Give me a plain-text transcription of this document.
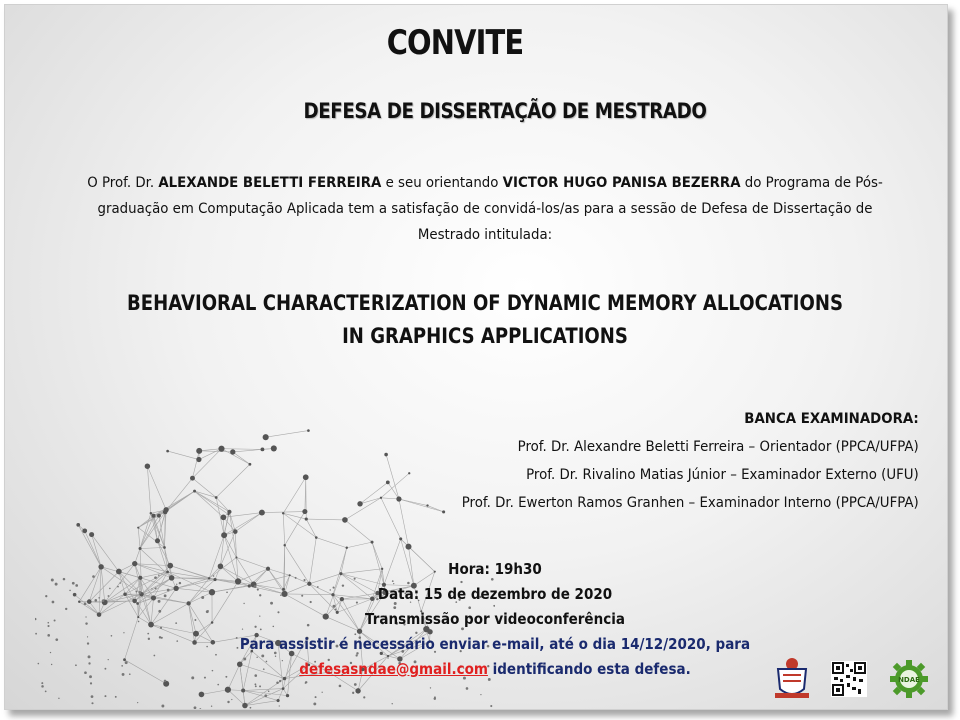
CONVITE
DEFESA DE DISSERTAÇÃO DE MESTRADO
O Prof. Dr. ALEXANDE BELETTI FERREIRA e seu orientando VICTOR HUGO PANISA BEZERRA do Programa de Pós-graduação em Computação Aplicada tem a satisfação de convidá-los/as para a sessão de Defesa de Dissertação de Mestrado intitulada:
BEHAVIORAL CHARACTERIZATION OF DYNAMIC MEMORY ALLOCATIONS IN GRAPHICS APPLICATIONS
BANCA EXAMINADORA:
Prof. Dr. Alexandre Beletti Ferreira – Orientador (PPCA/UFPA)
Prof. Dr. Rivalino Matias Júnior – Examinador Externo (UFU)
Prof. Dr. Ewerton Ramos Granhen – Examinador Interno (PPCA/UFPA)
Hora: 19h30
Data: 15 de dezembro de 2020
Transmissão por videoconferência
Para assistir é necessário enviar e-mail, até o dia 14/12/2020, para
defesasndae@gmail.com identificando esta defesa.
NDAE
